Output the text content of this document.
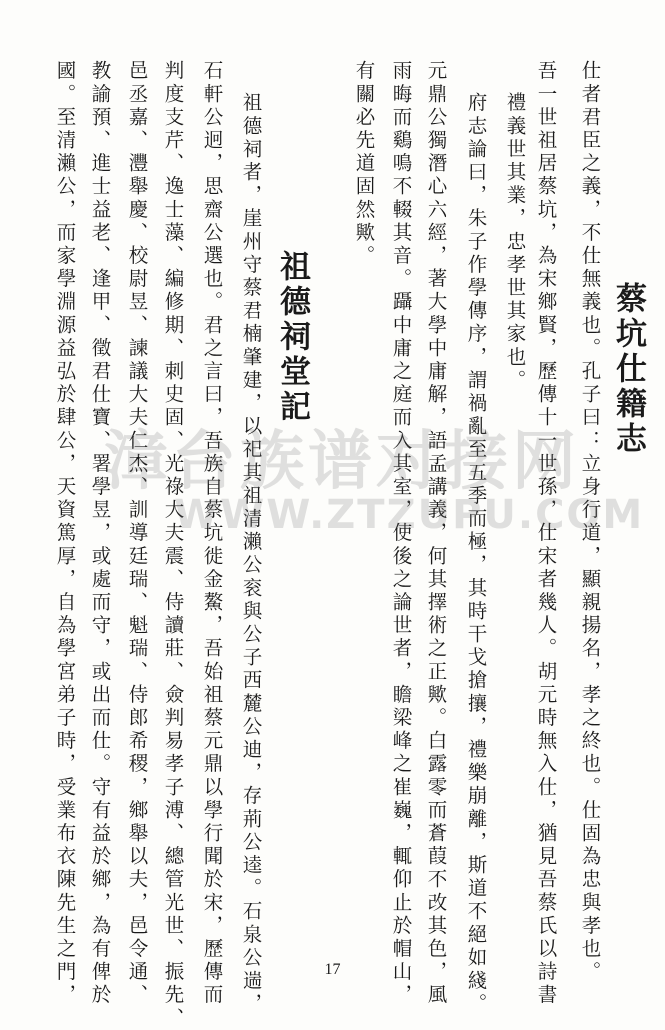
蔡坑仕籍志
仕者君臣之義，不仕無義也。孔子曰：立身行道，顯親揚名，孝之終也。仕固為忠與孝也。
吾一世祖居蔡坑，為宋鄉賢，歷傳十一世孫，仕宋者幾人。胡元時無入仕，猶見吾蔡氏以詩書
禮義世其業，忠孝世其家也。
府志論曰，朱子作學傳序，謂禍亂至五季而極，其時干戈搶攘，禮樂崩離，斯道不絕如綫。
元鼎公獨潛心六經，著大學中庸解，語孟講義，何其擇術之正歟。白露零而蒼葭不改其色，風
雨晦而鷄鳴不輟其音。躡中庸之庭而入其室，使後之論世者，瞻梁峰之崔巍，輒仰止於帽山，
有關必先道固然歟。
祖德祠堂記
祖德祠者，崖州守蔡君楠肇建，以祀其祖清瀨公衮與公子西麓公迪，存荊公逵。石泉公遄，
石軒公迥，思齋公選也。君之言曰，吾族自蔡坑徙金鰲，吾始祖蔡元鼎以學行聞於宋，歷傳而
判度支芹、逸士藻、編修期、刺史固、光祿大夫震、侍讀莊、僉判易孝子溥、總管光世、振先、
邑丞嘉、灃舉慶、校尉昱、諫議大夫仁杰、訓導廷瑞、魁瑞、侍郎希稷，鄉舉以夫，邑令通、
教諭預、進士益老、逢甲、徵君仕寶、署學昱，或處而守，或出而仕。守有益於鄉，為有俾於
國。至清瀨公，而家學淵源益弘於肆公，天資篤厚，自為學宮弟子時，受業布衣陳先生之門， 漳台族谱对接网
WWW.ZTZUPU.COM
17
